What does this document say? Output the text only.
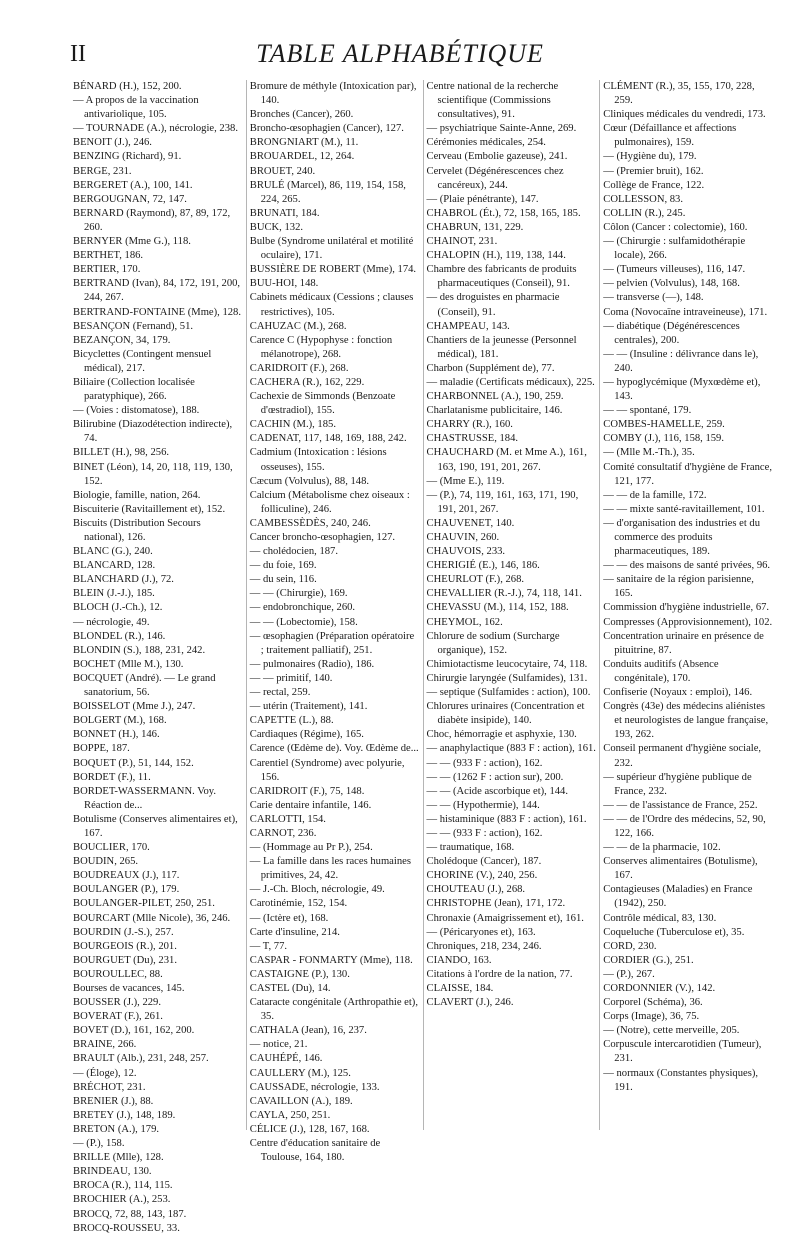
II	TABLE ALPHABÉTIQUE

BÉNARD (H.), 152, 200.

— A propos de la vaccination antivariolique, 105.

— TOURNADE (A.), nécrologie, 238.

BENOIT (J.), 246.

BENZING (Richard), 91.

BERGE, 231.

BERGERET (A.), 100, 141.

BERGOUGNAN, 72, 147.

BERNARD (Raymond), 87, 89, 172, 260.

BERNYER (Mme G.), 118.

BERTHET, 186.

BERTIER, 170.

BERTRAND (Ivan), 84, 172, 191, 200, 244, 267.

BERTRAND-FONTAINE (Mme), 128.

BESANÇON (Fernand), 51.

BEZANÇON, 34, 179.

Bicyclettes (Contingent mensuel médical), 217.

Biliaire (Collection localisée paratyphique), 266.

— (Voies : distomatose), 188.

Bilirubine (Diazodétection indirecte), 74.

BILLET (H.), 98, 256.

BINET (Léon), 14, 20, 118, 119, 130, 152.

Biologie, famille, nation, 264.

Biscuiterie (Ravitaillement et), 152.

Biscuits (Distribution Secours national), 126.

BLANC (G.), 240.

BLANCARD, 128.

BLANCHARD (J.), 72.

BLEIN (J.-J.), 185.

BLOCH (J.-Ch.), 12.

— nécrologie, 49.

BLONDEL (R.), 146.

BLONDIN (S.), 188, 231, 242.

BOCHET (Mlle M.), 130.

BOCQUET (André). — Le grand sanatorium, 56.

BOISSELOT (Mme J.), 247.

BOLGERT (M.), 168.

BONNET (H.), 146.

BOPPE, 187.

BOQUET (P.), 51, 144, 152.

BORDET (F.), 11.

BORDET-WASSERMANN. Voy. Réaction de...

Botulisme (Conserves alimentaires et), 167.

BOUCLIER, 170.

BOUDIN, 265.

BOUDREAUX (J.), 117.

BOULANGER (P.), 179.

BOULANGER-PILET, 250, 251.

BOURCART (Mlle Nicole), 36, 246.

BOURDIN (J.-S.), 257.

BOURGEOIS (R.), 201.

BOURGUET (Du), 231.

BOUROULLEC, 88.

Bourses de vacances, 145.

BOUSSER (J.), 229.

BOVERAT (F.), 261.

BOVET (D.), 161, 162, 200.

BRAINE, 266.

BRAULT (Alb.), 231, 248, 257.

— (Éloge), 12.

BRÉCHOT, 231.

BRENIER (J.), 88.

BRETEY (J.), 148, 189.

BRETON (A.), 179.

— (P.), 158.

BRILLE (Mlle), 128.

BRINDEAU, 130.

BROCA (R.), 114, 115.

BROCHIER (A.), 253.

BROCQ, 72, 88, 143, 187.

BROCQ-ROUSSEU, 33.

Bromure de méthyle (Intoxication par), 140.

Bronches (Cancer), 260.

Broncho-œsophagien (Cancer), 127.

BRONGNIART (M.), 11.

BROUARDEL, 12, 264.

BROUET, 240.

BRULÉ (Marcel), 86, 119, 154, 158, 224, 265.

BRUNATI, 184.

BUCK, 132.

Bulbe (Syndrome unilatéral et motilité oculaire), 171.

BUSSIÈRE DE ROBERT (Mme), 174.

BUU-HOI, 148.

Cabinets médicaux (Cessions ; clauses restrictives), 105.

CAHUZAC (M.), 268.

Carence C (Hypophyse : fonction mélanotrope), 268.

CARIDROIT (F.), 268.

CACHERA (R.), 162, 229.

Cachexie de Simmonds (Benzoate d'œstradiol), 155.

CACHIN (M.), 185.

CADENAT, 117, 148, 169, 188, 242.

Cadmium (Intoxication : lésions osseuses), 155.

Cæcum (Volvulus), 88, 148.

Calcium (Métabolisme chez oiseaux : folliculine), 246.

CAMBESSÈDÈS, 240, 246.

Cancer broncho-œsophagien, 127.

— cholédocien, 187.

— du foie, 169.

— du sein, 116.

— — (Chirurgie), 169.

— endobronchique, 260.

— — (Lobectomie), 158.

— œsophagien (Préparation opératoire ; traitement palliatif), 251.

— pulmonaires (Radio), 186.

— — primitif, 140.

— rectal, 259.

— utérin (Traitement), 141.

CAPETTE (L.), 88.

Cardiaques (Régime), 165.

Carence (Œdème de). Voy. Œdème de...

Carentiel (Syndrome) avec polyurie, 156.

CARIDROIT (F.), 75, 148.

Carie dentaire infantile, 146.

CARLOTTI, 154.

CARNOT, 236.

— (Hommage au Pr P.), 254.

— La famille dans les races humaines primitives, 24, 42.

— J.-Ch. Bloch, nécrologie, 49.

Carotinémie, 152, 154.

— (Ictère et), 168.

Carte d'insuline, 214.

— T, 77.

CASPAR - FONMARTY (Mme), 118.

CASTAIGNE (P.), 130.

CASTEL (Du), 14.

Cataracte congénitale (Arthropathie et), 35.

CATHALA (Jean), 16, 237.

— notice, 21.

CAUHÉPÉ, 146.

CAULLERY (M.), 125.

CAUSSADE, nécrologie, 133.

CAVAILLON (A.), 189.

CAYLA, 250, 251.

CÉLICE (J.), 128, 167, 168.

Centre d'éducation sanitaire de Toulouse, 164, 180.

Centre national de la recherche scientifique (Commissions consultatives), 91.

— psychiatrique Sainte-Anne, 269.

Cérémonies médicales, 254.

Cerveau (Embolie gazeuse), 241.

Cervelet (Dégénérescences chez cancéreux), 244.

— (Plaie pénétrante), 147.

CHABROL (Ét.), 72, 158, 165, 185.

CHABRUN, 131, 229.

CHAINOT, 231.

CHALOPIN (H.), 119, 138, 144.

Chambre des fabricants de produits pharmaceutiques (Conseil), 91.

— des droguistes en pharmacie (Conseil), 91.

CHAMPEAU, 143.

Chantiers de la jeunesse (Personnel médical), 181.

Charbon (Supplément de), 77.

— maladie (Certificats médicaux), 225.

CHARBONNEL (A.), 190, 259.

Charlatanisme publicitaire, 146.

CHARRY (R.), 160.

CHASTRUSSE, 184.

CHAUCHARD (M. et Mme A.), 161, 163, 190, 191, 201, 267.

— (Mme E.), 119.

— (P.), 74, 119, 161, 163, 171, 190, 191, 201, 267.

CHAUVENET, 140.

CHAUVIN, 260.

CHAUVOIS, 233.

CHERIGIÉ (E.), 146, 186.

CHEURLOT (F.), 268.

CHEVALLIER (R.-J.), 74, 118, 141.

CHEVASSU (M.), 114, 152, 188.

CHEYMOL, 162.

Chlorure de sodium (Surcharge organique), 152.

Chimiotactisme leucocytaire, 74, 118.

Chirurgie laryngée (Sulfamides), 131.

— septique (Sulfamides : action), 100.

Chlorures urinaires (Concentration et diabète insipide), 140.

Choc, hémorragie et asphyxie, 130.

— anaphylactique (883 F : action), 161.

— — (933 F : action), 162.

— — (1262 F : action sur), 200.

— — (Acide ascorbique et), 144.

— — (Hypothermie), 144.

— histaminique (883 F : action), 161.

— — (933 F : action), 162.

— traumatique, 168.

Cholédoque (Cancer), 187.

CHORINE (V.), 240, 256.

CHOUTEAU (J.), 268.

CHRISTOPHE (Jean), 171, 172.

Chronaxie (Amaigrissement et), 161.

— (Péricaryones et), 163.

Chroniques, 218, 234, 246.

CIANDO, 163.

Citations à l'ordre de la nation, 77.

CLAISSE, 184.

CLAVERT (J.), 246.

CLÉMENT (R.), 35, 155, 170, 228, 259.

Cliniques médicales du vendredi, 173.

Cœur (Défaillance et affections pulmonaires), 159.

— (Hygiène du), 179.

— (Premier bruit), 162.

Collège de France, 122.

COLLESSON, 83.

COLLIN (R.), 245.

Côlon (Cancer : colectomie), 160.

— (Chirurgie : sulfamidothérapie locale), 266.

— (Tumeurs villeuses), 116, 147.

— pelvien (Volvulus), 148, 168.

— transverse (—), 148.

Coma (Novocaïne intraveineuse), 171.

— diabétique (Dégénérescences centrales), 200.

— — (Insuline : délivrance dans le), 240.

— hypoglycémique (Myxœdème et), 143.

— — spontané, 179.

COMBES-HAMELLE, 259.

COMBY (J.), 116, 158, 159.

— (Mlle M.-Th.), 35.

Comité consultatif d'hygiène de France, 121, 177.

— — de la famille, 172.

— — mixte santé-ravitaillement, 101.

— d'organisation des industries et du commerce des produits pharmaceutiques, 189.

— — des maisons de santé privées, 96.

— sanitaire de la région parisienne, 165.

Commission d'hygiène industrielle, 67.

Compresses (Approvisionnement), 102.

Concentration urinaire en présence de pituitrine, 87.

Conduits auditifs (Absence congénitale), 170.

Confiserie (Noyaux : emploi), 146.

Congrès (43e) des médecins aliénistes et neurologistes de langue française, 193, 262.

Conseil permanent d'hygiène sociale, 232.

— supérieur d'hygiène publique de France, 232.

— — de l'assistance de France, 252.

— — de l'Ordre des médecins, 52, 90, 122, 166.

— — de la pharmacie, 102.

Conserves alimentaires (Botulisme), 167.

Contagieuses (Maladies) en France (1942), 250.

Contrôle médical, 83, 130.

Coqueluche (Tuberculose et), 35.

CORD, 230.

CORDIER (G.), 251.

— (P.), 267.

CORDONNIER (V.), 142.

Corporel (Schéma), 36.

Corps (Image), 36, 75.

— (Notre), cette merveille, 205.

Corpuscule intercarotidien (Tumeur), 231.

— normaux (Constantes physiques), 191.
